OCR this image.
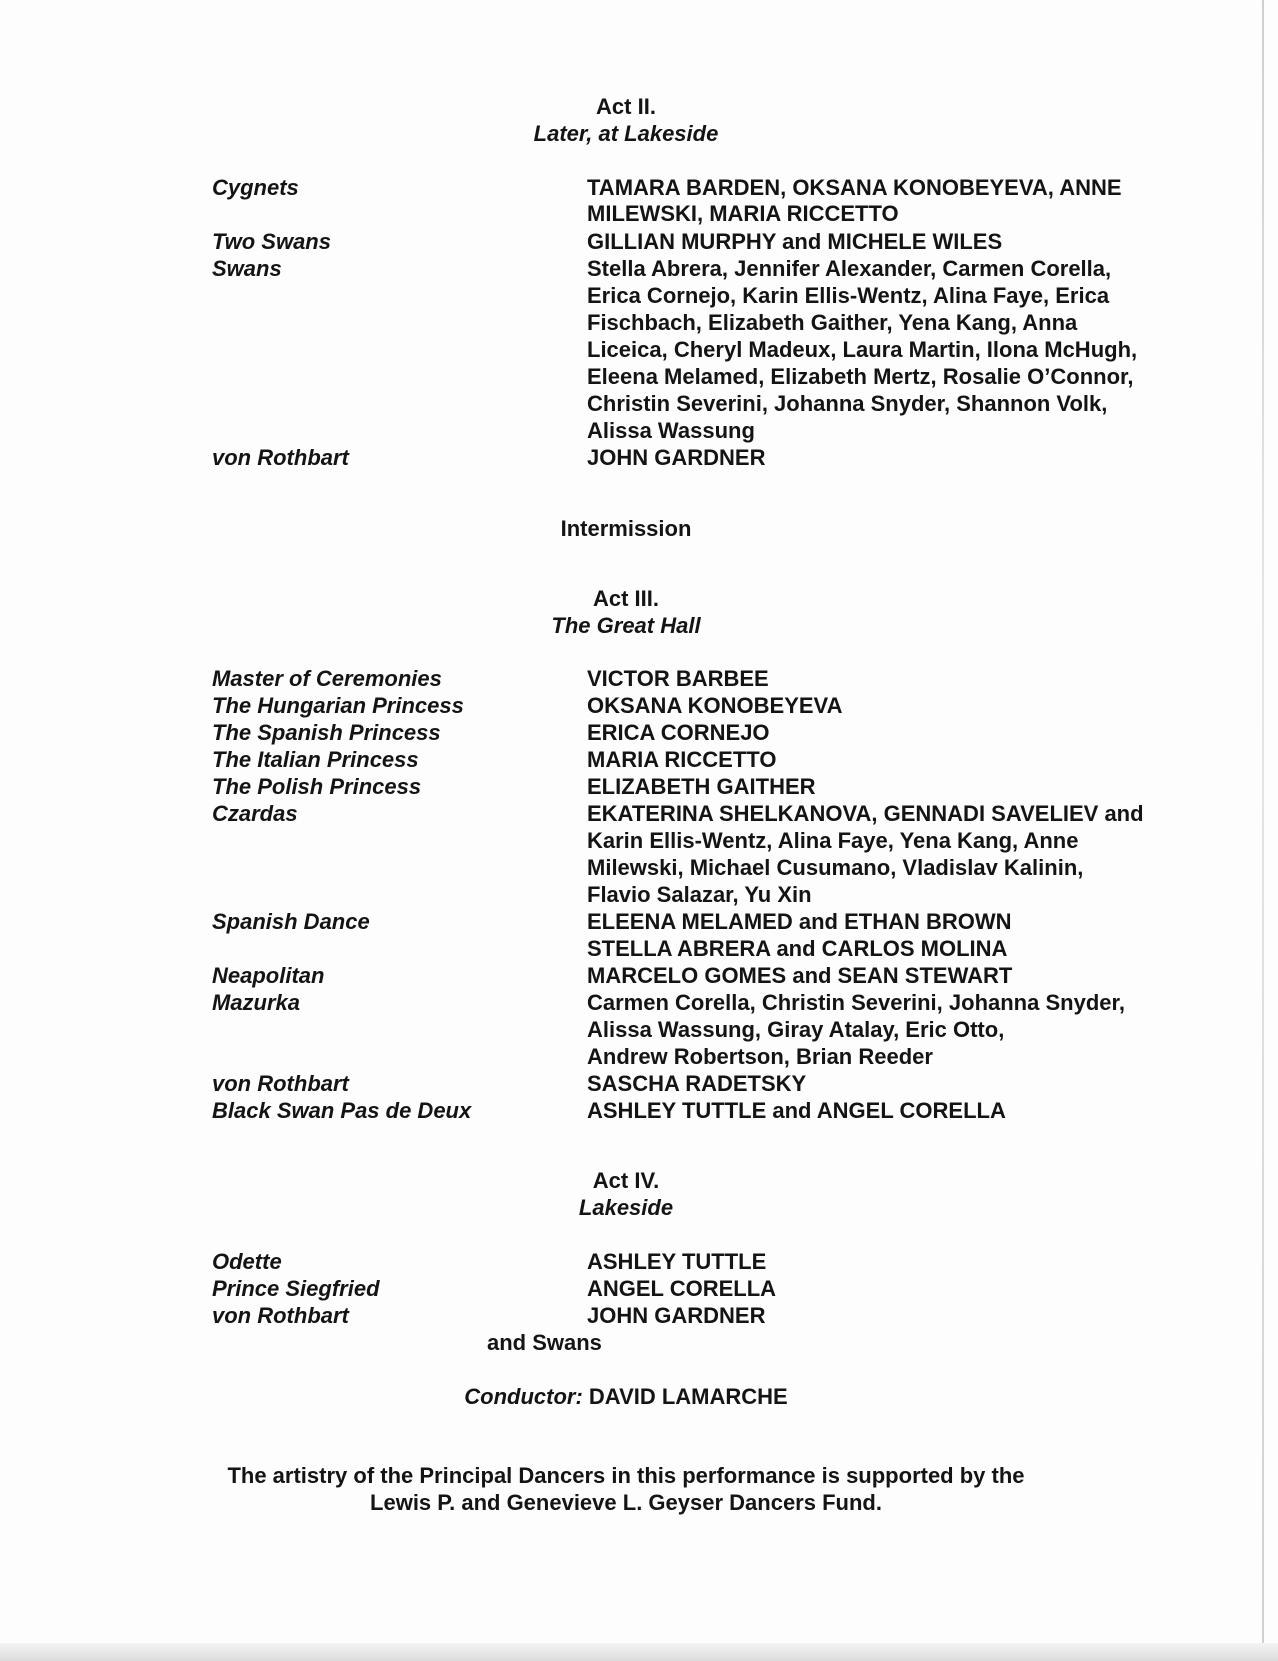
Act II.
Later, at Lakeside
Cygnets	TAMARA BARDEN, OKSANA KONOBEYEVA, ANNE
MILEWSKI, MARIA RICCETTO
Two Swans	GILLIAN MURPHY and MICHELE WILES
Swans	Stella Abrera, Jennifer Alexander, Carmen Corella,
Erica Cornejo, Karin Ellis-Wentz, Alina Faye, Erica
Fischbach, Elizabeth Gaither, Yena Kang, Anna
Liceica, Cheryl Madeux, Laura Martin, Ilona McHugh,
Eleena Melamed, Elizabeth Mertz, Rosalie O’Connor,
Christin Severini, Johanna Snyder, Shannon Volk,
Alissa Wassung
von Rothbart	JOHN GARDNER
Intermission
Act III.
The Great Hall
Master of Ceremonies	VICTOR BARBEE
The Hungarian Princess	OKSANA KONOBEYEVA
The Spanish Princess	ERICA CORNEJO
The Italian Princess	MARIA RICCETTO
The Polish Princess	ELIZABETH GAITHER
Czardas	EKATERINA SHELKANOVA, GENNADI SAVELIEV and
Karin Ellis-Wentz, Alina Faye, Yena Kang, Anne
Milewski, Michael Cusumano, Vladislav Kalinin,
Flavio Salazar, Yu Xin
Spanish Dance	ELEENA MELAMED and ETHAN BROWN
STELLA ABRERA and CARLOS MOLINA
Neapolitan	MARCELO GOMES and SEAN STEWART
Mazurka	Carmen Corella, Christin Severini, Johanna Snyder,
Alissa Wassung, Giray Atalay, Eric Otto,
Andrew Robertson, Brian Reeder
von Rothbart	SASCHA RADETSKY
Black Swan Pas de Deux	ASHLEY TUTTLE and ANGEL CORELLA
Act IV.
Lakeside
Odette	ASHLEY TUTTLE
Prince Siegfried	ANGEL CORELLA
von Rothbart	JOHN GARDNER
and Swans
Conductor: DAVID LAMARCHE
The artistry of the Principal Dancers in this performance is supported by the
Lewis P. and Genevieve L. Geyser Dancers Fund.
